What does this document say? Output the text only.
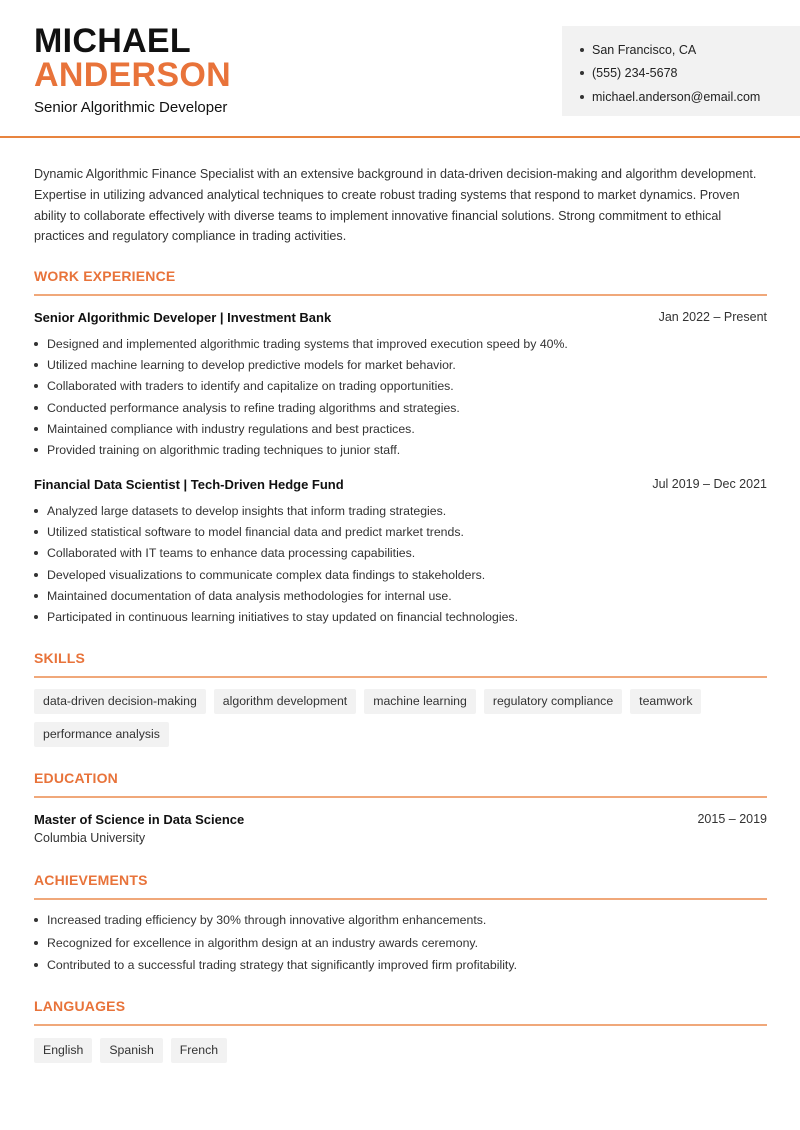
MICHAEL
ANDERSON
Senior Algorithmic Developer
San Francisco, CA
(555) 234-5678
michael.anderson@email.com

Dynamic Algorithmic Finance Specialist with an extensive background in data-driven decision-making and algorithm development. Expertise in utilizing advanced analytical techniques to create robust trading systems that respond to market dynamics. Proven ability to collaborate effectively with diverse teams to implement innovative financial solutions. Strong commitment to ethical practices and regulatory compliance in trading activities.

WORK EXPERIENCE
Senior Algorithmic Developer | Investment Bank	Jan 2022 – Present
Designed and implemented algorithmic trading systems that improved execution speed by 40%.
Utilized machine learning to develop predictive models for market behavior.
Collaborated with traders to identify and capitalize on trading opportunities.
Conducted performance analysis to refine trading algorithms and strategies.
Maintained compliance with industry regulations and best practices.
Provided training on algorithmic trading techniques to junior staff.
Financial Data Scientist | Tech-Driven Hedge Fund	Jul 2019 – Dec 2021
Analyzed large datasets to develop insights that inform trading strategies.
Utilized statistical software to model financial data and predict market trends.
Collaborated with IT teams to enhance data processing capabilities.
Developed visualizations to communicate complex data findings to stakeholders.
Maintained documentation of data analysis methodologies for internal use.
Participated in continuous learning initiatives to stay updated on financial technologies.
SKILLS
data-driven decision-making	algorithm development	machine learning	regulatory compliance	teamwork
performance analysis
EDUCATION
Master of Science in Data Science	2015 – 2019
Columbia University
ACHIEVEMENTS
Increased trading efficiency by 30% through innovative algorithm enhancements.
Recognized for excellence in algorithm design at an industry awards ceremony.
Contributed to a successful trading strategy that significantly improved firm profitability.
LANGUAGES
English	Spanish	French
